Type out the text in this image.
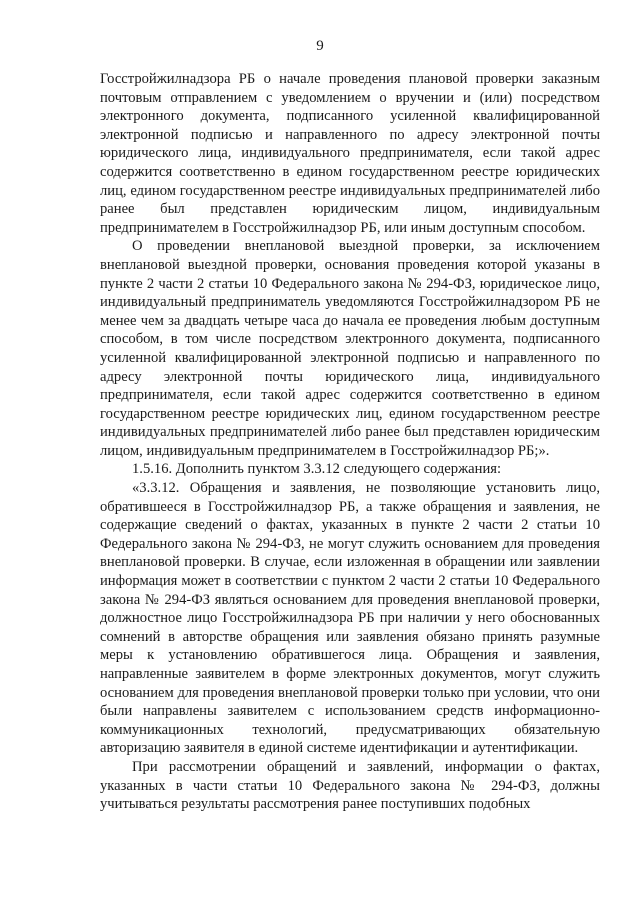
9

Госстройжилнадзора РБ о начале проведения плановой проверки заказным почтовым отправлением с уведомлением о вручении и (или) посредством электронного документа, подписанного усиленной квалифицированной электронной подписью и направленного по адресу электронной почты юридического лица, индивидуального предпринимателя, если такой адрес содержится соответственно в едином государственном реестре юридических лиц, едином государственном реестре индивидуальных предпринимателей либо ранее был представлен юридическим лицом, индивидуальным предпринимателем в Госстройжилнадзор РБ, или иным доступным способом.

О проведении внеплановой выездной проверки, за исключением внеплановой выездной проверки, основания проведения которой указаны в пункте 2 части 2 статьи 10 Федерального закона № 294-ФЗ, юридическое лицо, индивидуальный предприниматель уведомляются Госстройжилнадзором РБ не менее чем за двадцать четыре часа до начала ее проведения любым доступным способом, в том числе посредством электронного документа, подписанного усиленной квалифицированной электронной подписью и направленного по адресу электронной почты юридического лица, индивидуального предпринимателя, если такой адрес содержится соответственно в едином государственном реестре юридических лиц, едином государственном реестре индивидуальных предпринимателей либо ранее был представлен юридическим лицом, индивидуальным предпринимателем в Госстройжилнадзор РБ;».

1.5.16. Дополнить пунктом 3.3.12 следующего содержания:

«3.3.12. Обращения и заявления, не позволяющие установить лицо, обратившееся в Госстройжилнадзор РБ, а также обращения и заявления, не содержащие сведений о фактах, указанных в пункте 2 части 2 статьи 10 Федерального закона № 294-ФЗ, не могут служить основанием для проведения внеплановой проверки. В случае, если изложенная в обращении или заявлении информация может в соответствии с пунктом 2 части 2 статьи 10 Федерального закона № 294-ФЗ являться основанием для проведения внеплановой проверки, должностное лицо Госстройжилнадзора РБ при наличии у него обоснованных сомнений в авторстве обращения или заявления обязано принять разумные меры к установлению обратившегося лица. Обращения и заявления, направленные заявителем в форме электронных документов, могут служить основанием для проведения внеплановой проверки только при условии, что они были направлены заявителем с использованием средств информационно-коммуникационных технологий, предусматривающих обязательную авторизацию заявителя в единой системе идентификации и аутентификации.

При рассмотрении обращений и заявлений, информации о фактах, указанных в части статьи 10 Федерального закона № 294-ФЗ, должны учитываться результаты рассмотрения ранее поступивших подобных
